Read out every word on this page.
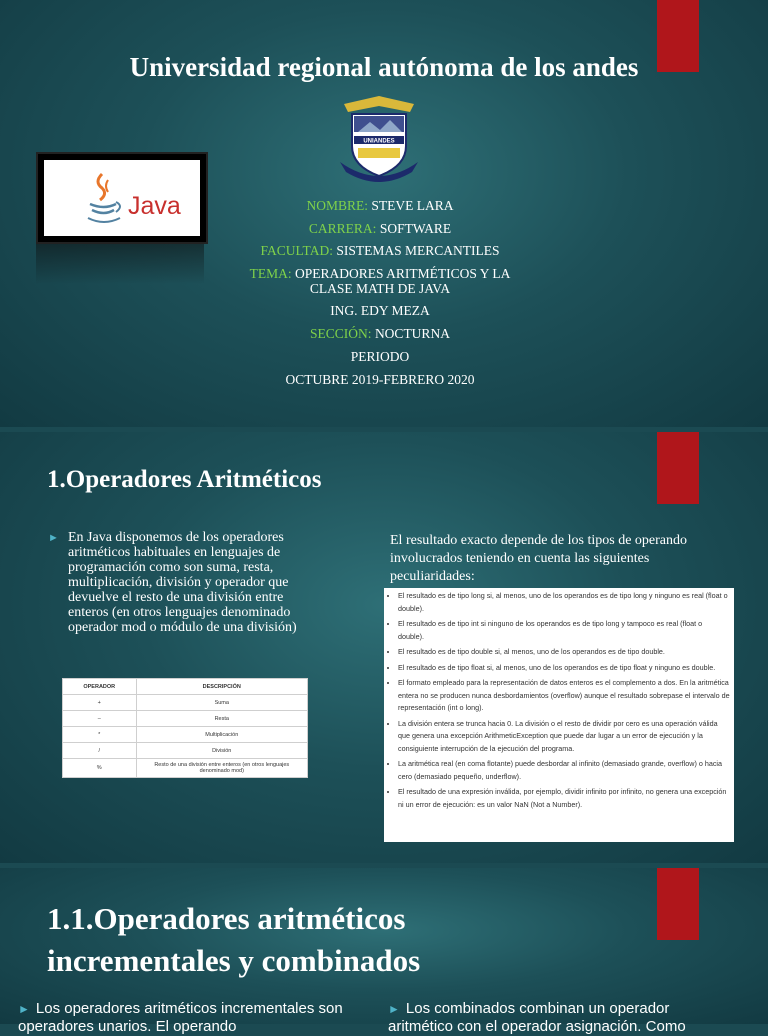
Universidad regional autónoma de los andes
UNIANDES
Java	NOMBRE: STEVE LARA
CARRERA: SOFTWARE
FACULTAD: SISTEMAS MERCANTILES
TEMA: OPERADORES ARITMÉTICOS Y LA CLASE MATH DE JAVA
ING. EDY MEZA
SECCIÓN: NOCTURNA
PERIODO
OCTUBRE 2019-FEBRERO 2020
1.Operadores Aritméticos
► En Java disponemos de los operadores aritméticos habituales en lenguajes de programación como son suma, resta, multiplicación, división y operador que devuelve el resto de una división entre enteros (en otros lenguajes denominado operador mod o módulo de una división)
OPERADOR	DESCRIPCIÓN
+	Suma
–	Resta
*	Multiplicación
/	División
%	Resto de una división entre enteros (en otros lenguajes denominado mod)
El resultado exacto depende de los tipos de operando involucrados teniendo en cuenta las siguientes peculiaridades:
• El resultado es de tipo long si, al menos, uno de los operandos es de tipo long y ninguno es real (float o double).
• El resultado es de tipo int si ninguno de los operandos es de tipo long y tampoco es real (float o double).
• El resultado es de tipo double si, al menos, uno de los operandos es de tipo double.
• El resultado es de tipo float si, al menos, uno de los operandos es de tipo float y ninguno es double.
• El formato empleado para la representación de datos enteros es el complemento a dos. En la aritmética entera no se producen nunca desbordamientos (overflow) aunque el resultado sobrepase el intervalo de representación (int o long).
• La división entera se trunca hacia 0. La división o el resto de dividir por cero es una operación válida que genera una excepción ArithmeticException que puede dar lugar a un error de ejecución y la consiguiente interrupción de la ejecución del programa.
• La aritmética real (en coma flotante) puede desbordar al infinito (demasiado grande, overflow) o hacia cero (demasiado pequeño, underflow).
• El resultado de una expresión inválida, por ejemplo, dividir infinito por infinito, no genera una excepción ni un error de ejecución: es un valor NaN (Not a Number).
1.1.Operadores aritméticos
incrementales y combinados
► Los operadores aritméticos incrementales son operadores unarios. El operando
► Los combinados combinan un operador aritmético con el operador asignación. Como
